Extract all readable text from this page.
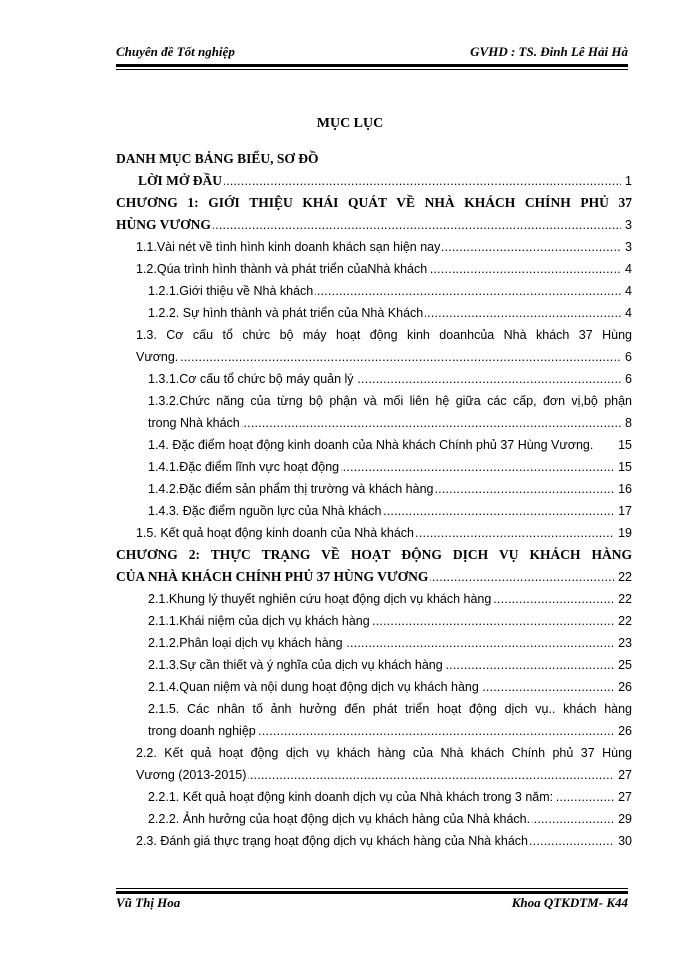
Chuyên đề Tốt nghiệp	GVHD : TS. Đinh Lê Hải Hà
MỤC LỤC
DANH MỤC BẢNG BIỂU, SƠ ĐỒ
.....
LỜI MỞ ĐẦU	1
CHƯƠNG 1: GIỚI THIỆU KHÁI QUÁT VỀ NHÀ KHÁCH CHÍNH PHỦ 37
.....
HÙNG VƯƠNG	3
.....
1.1.Vài nét về tình hình kinh doanh khách sạn hiện nay	3
.....
1.2.Qúa trình hình thành và phát triển củaNhà khách	4
.....
1.2.1.Giới thiệu về Nhà khách	4
.....
1.2.2. Sự hình thành và phát triển của Nhà Khách	4
1.3. Cơ cấu tổ chức bộ máy hoạt động kinh doanhcủa Nhà khách 37 Hùng
.....
Vương.	6
.....
1.3.1.Cơ cấu tổ chức bộ máy quản lý	6
1.3.2.Chức năng của từng bộ phận và mối liên hệ giữa các cấp, đơn vị,bộ phận
.....
trong Nhà khách	8
1.4. Đặc điểm hoạt động kinh doanh của Nhà khách Chính phủ 37 Hùng Vương.	15
.....
1.4.1.Đặc điểm lĩnh vực hoạt động	15
.....
1.4.2.Đặc điểm sản phẩm thị trường và khách hàng	16
.....
1.4.3. Đặc điểm nguồn lực của Nhà khách	17
.....
1.5. Kết quả hoạt động kinh doanh của Nhà khách	19
CHƯƠNG 2: THỰC TRẠNG VỀ HOẠT ĐỘNG DỊCH VỤ KHÁCH HÀNG
.....
CỦA NHÀ KHÁCH CHÍNH PHỦ 37 HÙNG VƯƠNG	22
.....
2.1.Khung lý thuyết nghiên cứu hoạt động dịch vụ khách hàng	22
.....
2.1.1.Khái niệm của dịch vụ khách hàng	22
.....
2.1.2.Phân loại dịch vụ khách hàng	23
.....
2.1.3.Sự cần thiết và ý nghĩa của dịch vụ khách hàng	25
.....
2.1.4.Quan niệm và nội dung hoạt động dịch vụ khách hàng	26
2.1.5. Các nhân tố ảnh hưởng đến phát triển hoạt động dịch vụ.. khách hàng
.....
trong doanh nghiệp	26
2.2. Kết quả hoạt động dịch vụ khách hàng của Nhà khách Chính phủ 37 Hùng
.....
Vương (2013-2015)	27
.....
2.2.1. Kết quả hoạt động kinh doanh dịch vụ của Nhà khách trong 3 năm:	27
.....
2.2.2. Ảnh hưởng của hoạt động dịch vụ khách hàng của Nhà khách.	29
.....
2.3. Đánh giá thực trạng hoạt động dịch vụ khách hàng của Nhà khách	30
Vũ Thị Hoa	Khoa QTKDTM- K44
